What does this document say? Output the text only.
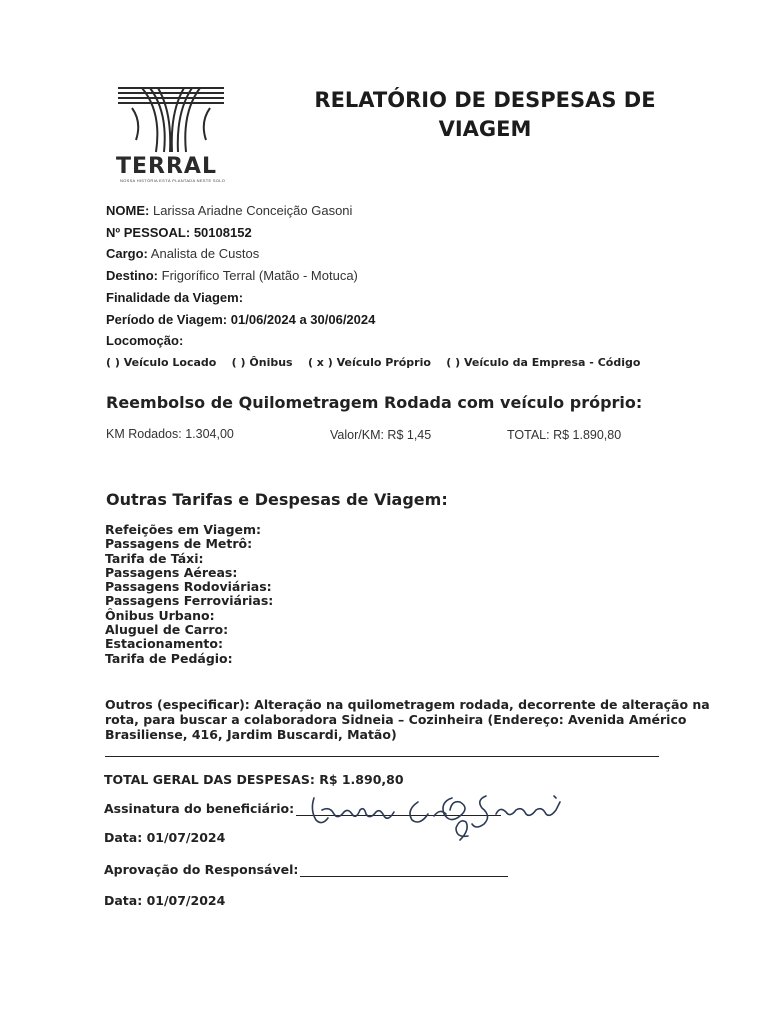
TERRAL
NOSSA HISTÓRIA ESTÁ PLANTADA NESTE SOLO
RELATÓRIO DE DESPESAS DE
VIAGEM
NOME: Larissa Ariadne Conceição Gasoni
Nº PESSOAL: 50108152
Cargo: Analista de Custos
Destino: Frigorífico Terral (Matão - Motuca)
Finalidade da Viagem:
Período de Viagem: 01/06/2024 a 30/06/2024
Locomoção:
( ) Veículo Locado ( ) Ônibus ( x ) Veículo Próprio ( ) Veículo da Empresa - Código
Reembolso de Quilometragem Rodada com veículo próprio:
KM Rodados: 1.304,00	Valor/KM: R$ 1,45	TOTAL: R$ 1.890,80
Outras Tarifas e Despesas de Viagem:
Refeições em Viagem:
Passagens de Metrô:
Tarifa de Táxi:
Passagens Aéreas:
Passagens Rodoviárias:
Passagens Ferroviárias:
Ônibus Urbano:
Aluguel de Carro:
Estacionamento:
Tarifa de Pedágio:
Outros (especificar): Alteração na quilometragem rodada, decorrente de alteração na rota, para buscar a colaboradora Sidneia – Cozinheira (Endereço: Avenida Américo Brasiliense, 416, Jardim Buscardi, Matão)
TOTAL GERAL DAS DESPESAS: R$ 1.890,80
Assinatura do beneficiário:
Data: 01/07/2024
Aprovação do Responsável:
Data: 01/07/2024
